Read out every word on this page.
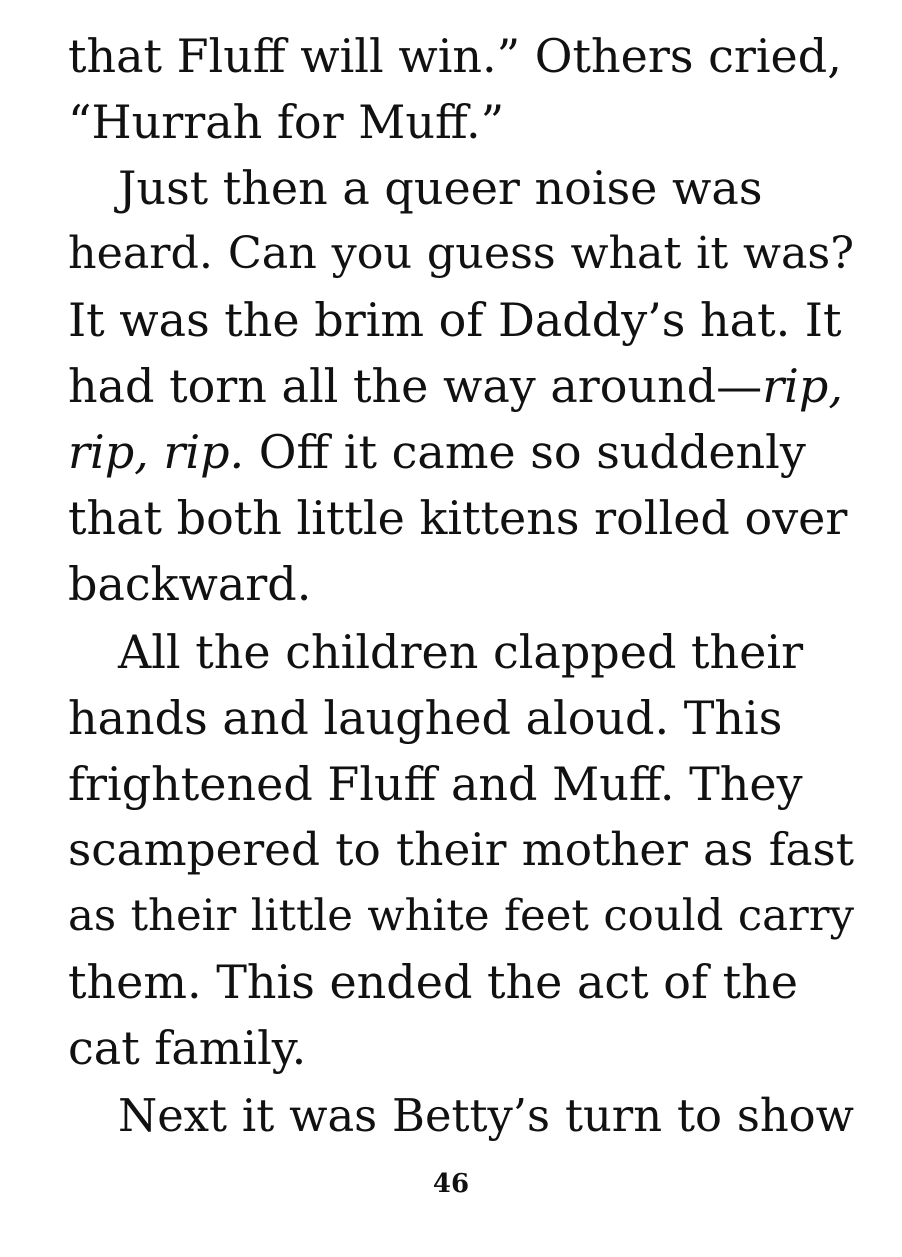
that Fluff will win.” Others cried,
“Hurrah for Muff.”
Just then a queer noise was
heard. Can you guess what it was?
It was the brim of Daddy’s hat. It
had torn all the way around—rip,
rip, rip. Off it came so suddenly
that both little kittens rolled over
backward.
All the children clapped their
hands and laughed aloud. This
frightened Fluff and Muff. They
scampered to their mother as fast
as their little white feet could carry
them. This ended the act of the
cat family.
Next it was Betty’s turn to show
46
